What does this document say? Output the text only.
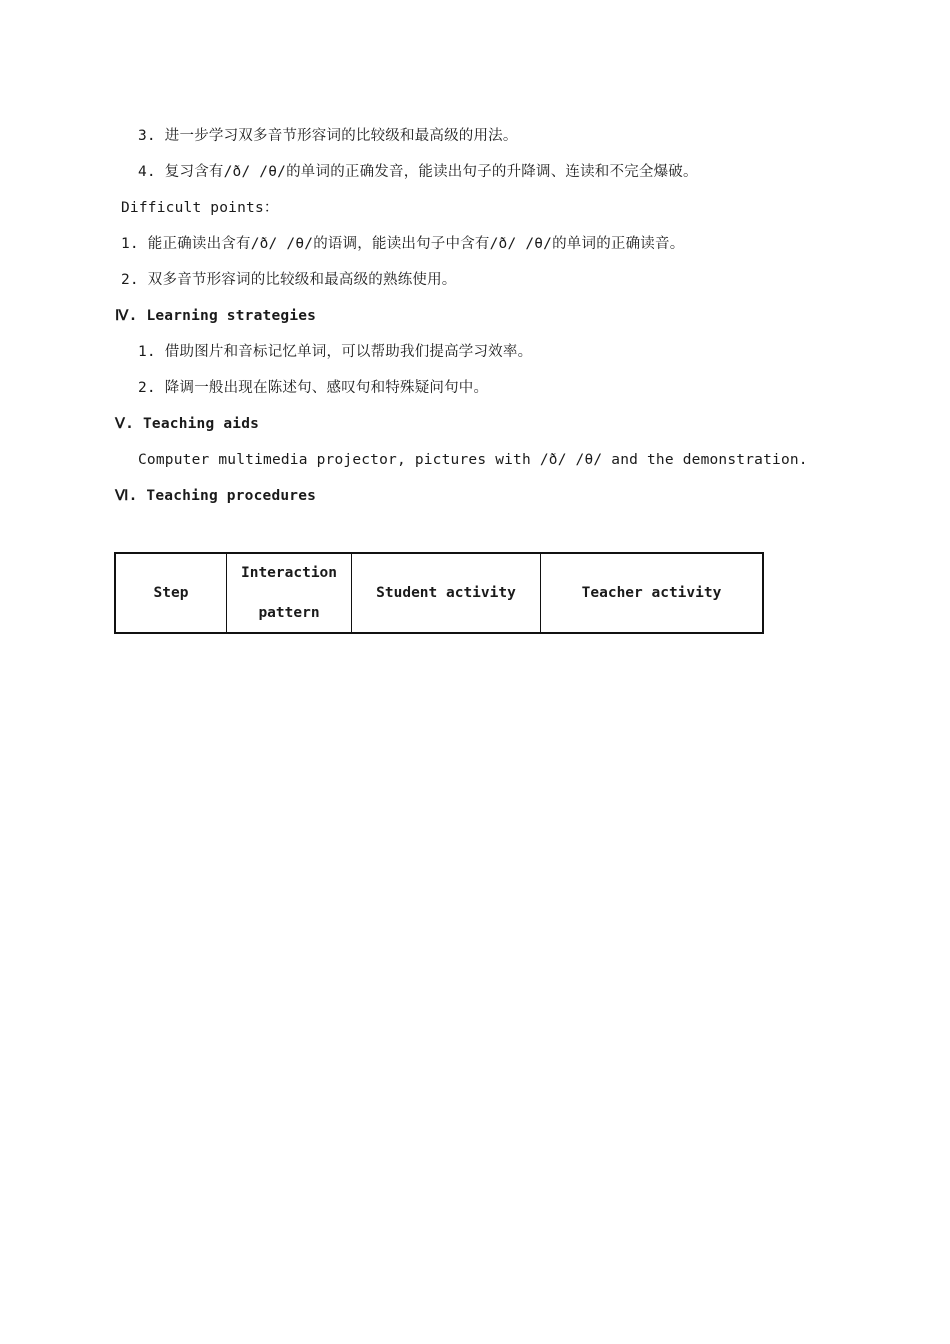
3. 进一步学习双多音节形容词的比较级和最高级的用法。
4. 复习含有/ð/ /θ/的单词的正确发音，能读出句子的升降调、连读和不完全爆破。
Difficult points：
1. 能正确读出含有/ð/ /θ/的语调，能读出句子中含有/ð/ /θ/的单词的正确读音。
2. 双多音节形容词的比较级和最高级的熟练使用。
Ⅳ. Learning strategies
1. 借助图片和音标记忆单词，可以帮助我们提高学习效率。
2. 降调一般出现在陈述句、感叹句和特殊疑问句中。
Ⅴ. Teaching aids
Computer multimedia projector, pictures with /ð/ /θ/ and the demonstration.
Ⅵ. Teaching procedures
Step
Interaction
pattern
Student activity	Teacher activity
